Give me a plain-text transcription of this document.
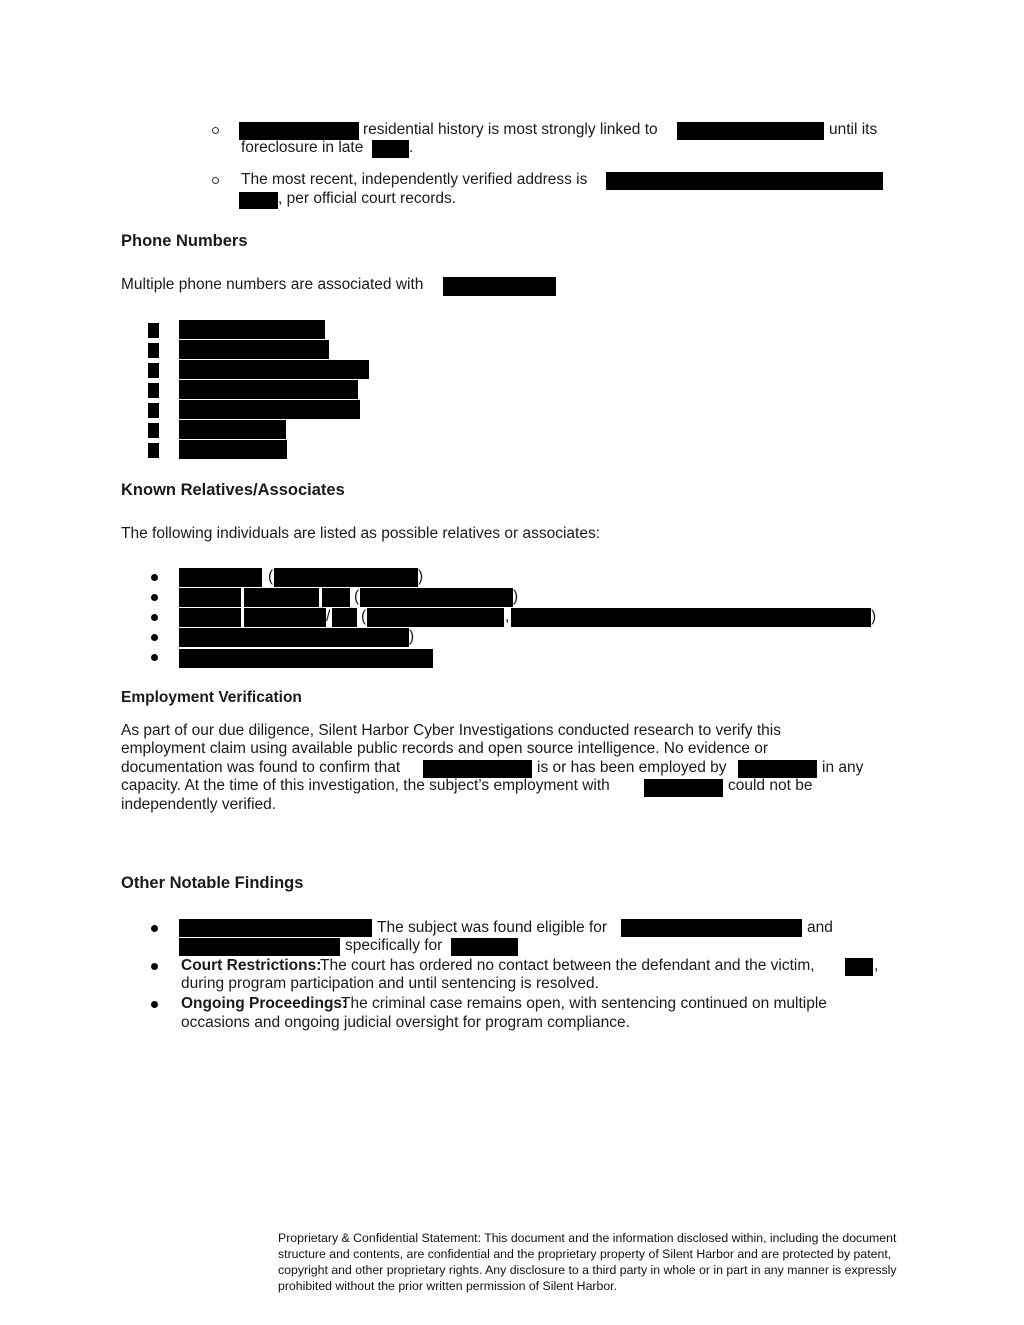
residential history is most strongly linked to	until its
foreclosure in late	.
The most recent, independently verified address is
, per official court records.
Phone Numbers
Multiple phone numbers are associated with
Known Relatives/Associates
The following individuals are listed as possible relatives or associates:
(	)
(	)
/ (	,	)
)
Employment Verification
As part of our due diligence, Silent Harbor Cyber Investigations conducted research to verify this
employment claim using available public records and open source intelligence. No evidence or
documentation was found to confirm that	is or has been employed by	in any
capacity. At the time of this investigation, the subject’s employment with	could not be
independently verified.
Other Notable Findings
The subject was found eligible for	and
specifically for
Court Restrictions:
The court has ordered no contact between the defendant and the victim,	,
during program participation and until sentencing is resolved.
Ongoing Proceedings:
The criminal case remains open, with sentencing continued on multiple
occasions and ongoing judicial oversight for program compliance.
Proprietary & Confidential Statement: This document and the information disclosed within, including the document
structure and contents, are confidential and the proprietary property of Silent Harbor and are protected by patent,
copyright and other proprietary rights. Any disclosure to a third party in whole or in part in any manner is expressly
prohibited without the prior written permission of Silent Harbor.
